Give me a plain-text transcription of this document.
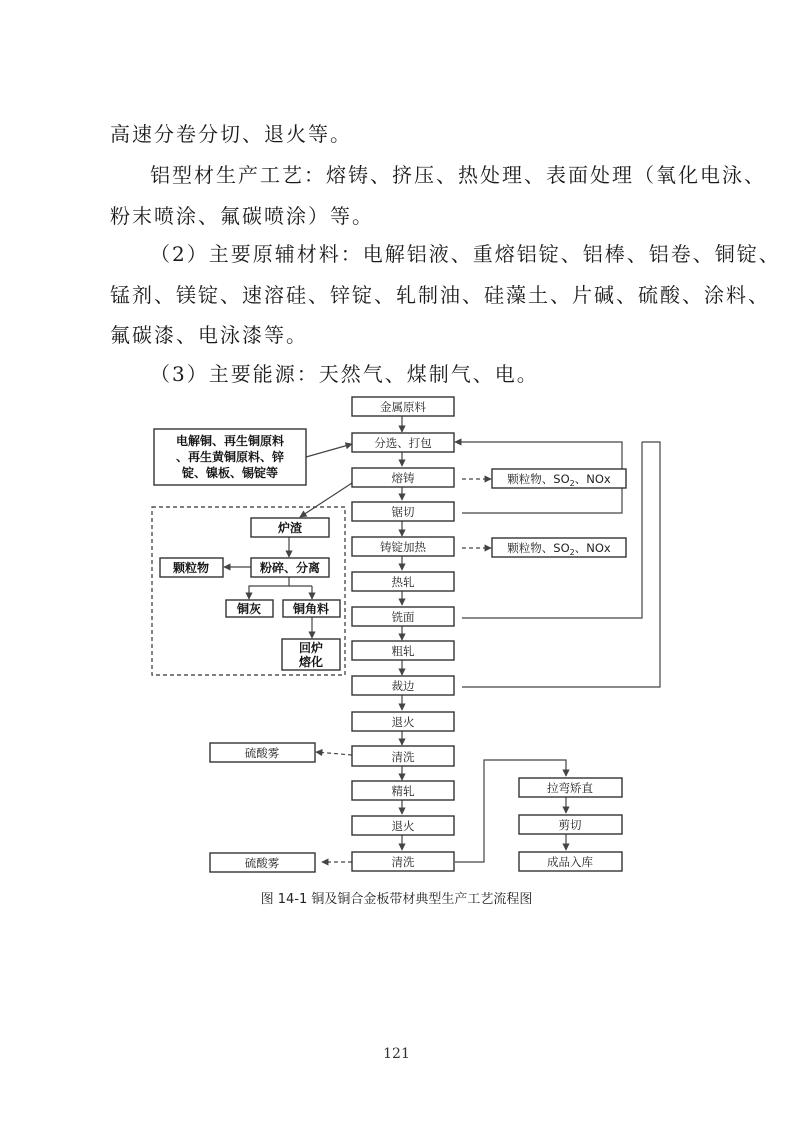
高速分卷分切、退火等。

铝型材生产工艺：熔铸、挤压、热处理、表面处理（氧化电泳、

粉末喷涂、氟碳喷涂）等。

（2）主要原辅材料：电解铝液、重熔铝锭、铝棒、铝卷、铜锭、

锰剂、镁锭、速溶硅、锌锭、轧制油、硅藻土、片碱、硫酸、涂料、

氟碳漆、电泳漆等。

（3）主要能源：天然气、煤制气、电。

金属原料
分选、打包
电解铜、再生铜原料
、再生黄铜原料、锌
锭、镍板、锡锭等	熔铸	颗粒物、$SO_2$、NOx
锯切
铸锭加热	颗粒物、$SO_2$、NOx
热轧
铣面
粗轧
裁边
退火
清洗
硫酸雾
精轧
退火
清洗
硫酸雾
拉弯矫直
剪切
成品入库
炉渣
粉碎、分离
颗粒物
铜灰	铜角料
回炉
熔化

图 14-1 铜及铜合金板带材典型生产工艺流程图

121
